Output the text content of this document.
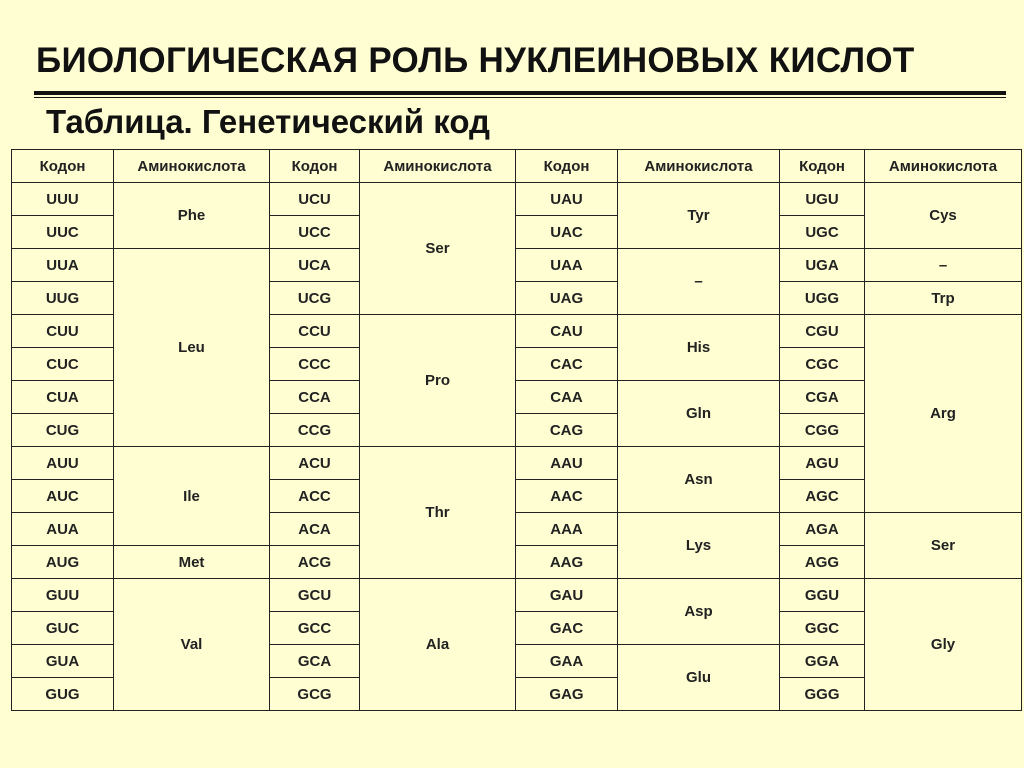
БИОЛОГИЧЕСКАЯ РОЛЬ НУКЛЕИНОВЫХ КИСЛОТ
Таблица. Генетический код
Кодон	Аминокислота	Кодон	Аминокислота	Кодон	Аминокислота	Кодон	Аминокислота
UUU	Phe	UCU	Ser	UAU	Tyr	UGU	Cys
UUC		UCC		UAC		UGC	
UUA	Leu	UCA		UAA	–	UGA	–
UUG		UCG		UAG		UGG	Trp
CUU		CCU	Pro	CAU	His	CGU	Arg
CUC		CCC		CAC		CGC	
CUA		CCA		CAA	Gln	CGA	
CUG		CCG		CAG		CGG	
AUU	Ile	ACU	Thr	AAU	Asn	AGU	
AUC		ACC		AAC		AGC	
AUA		ACA		AAA	Lys	AGA	Ser
AUG	Met	ACG		AAG		AGG	
GUU	Val	GCU	Ala	GAU	Asp	GGU	Gly
GUC		GCC		GAC		GGC	
GUA		GCA		GAA	Glu	GGA	
GUG		GCG		GAG		GGG	
